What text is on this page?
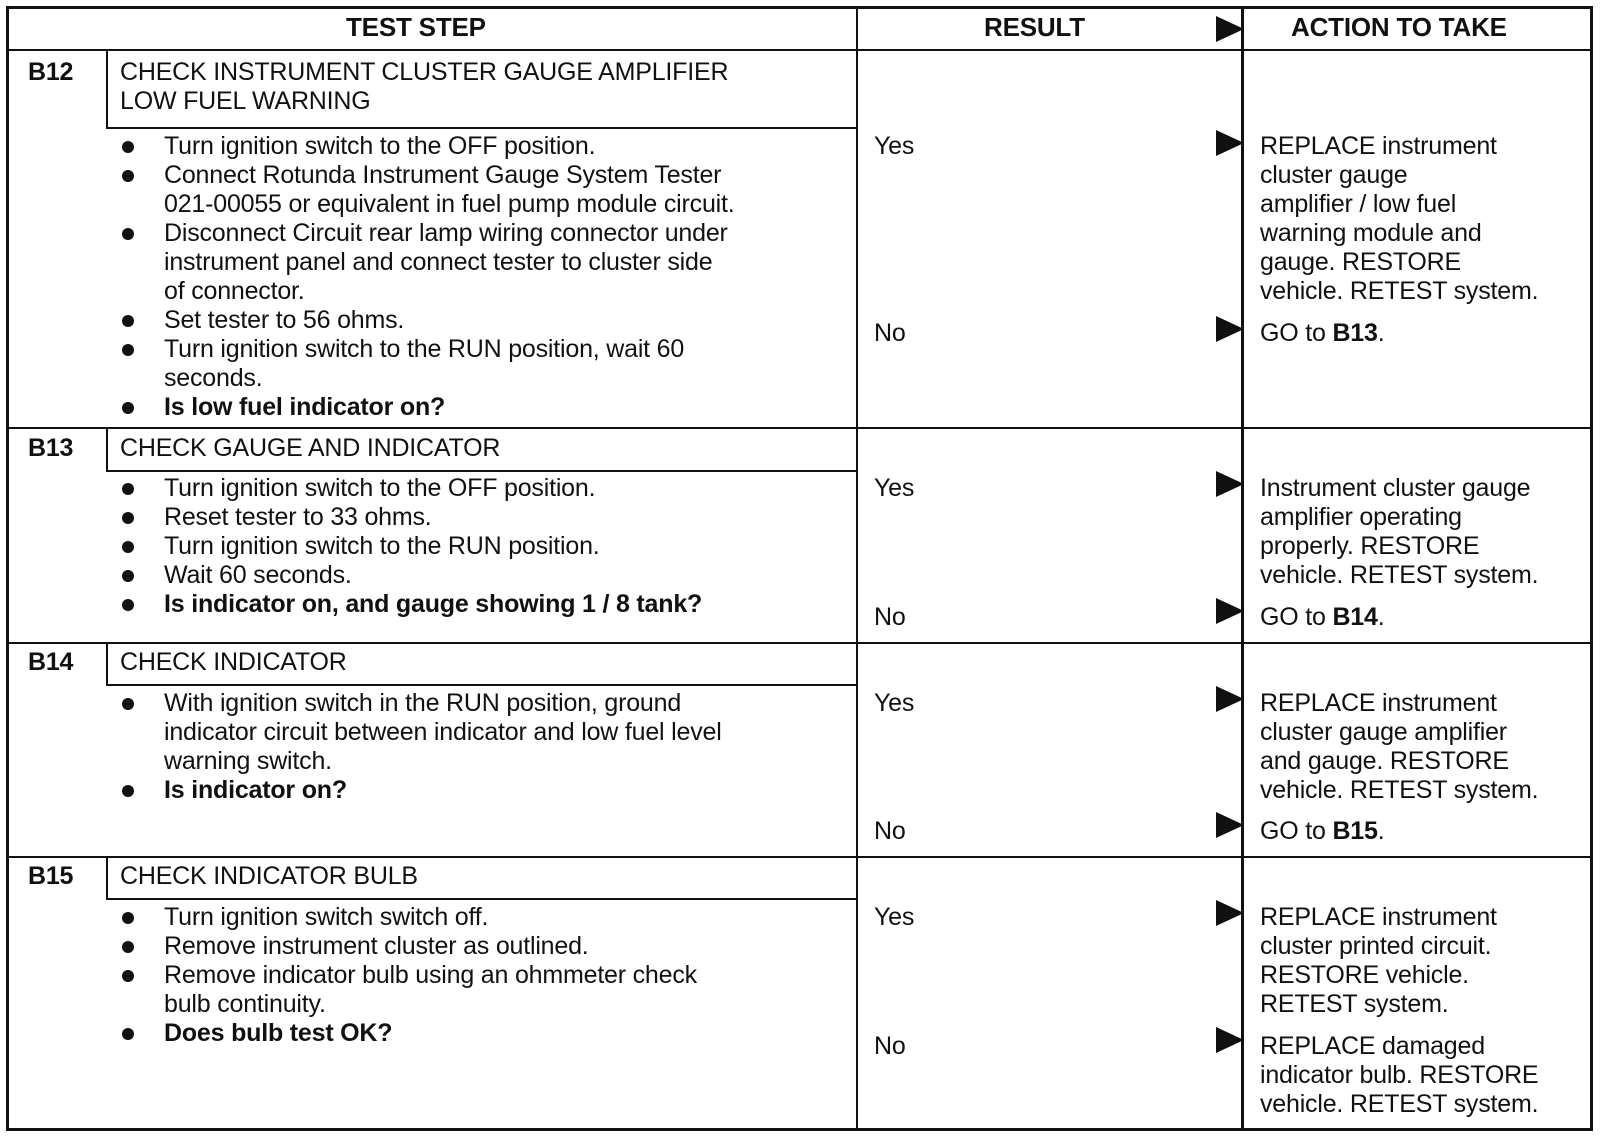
TEST STEP	RESULT	ACTION TO TAKE
B12 CHECK INSTRUMENT CLUSTER GAUGE AMPLIFIER
LOW FUEL WARNING
Turn ignition switch to the OFF position.
Connect Rotunda Instrument Gauge System Tester
021-00055 or equivalent in fuel pump module circuit.
Disconnect Circuit rear lamp wiring connector under
instrument panel and connect tester to cluster side
of connector.
Set tester to 56 ohms.
Turn ignition switch to the RUN position, wait 60
seconds.
Is low fuel indicator on?
Yes	REPLACE instrument
cluster gauge
amplifier / low fuel
warning module and
gauge. RESTORE
vehicle. RETEST system.
No	GO to B13.
B13 CHECK GAUGE AND INDICATOR
Turn ignition switch to the OFF position.
Reset tester to 33 ohms.
Turn ignition switch to the RUN position.
Wait 60 seconds.
Is indicator on, and gauge showing 1 / 8 tank?
Yes	Instrument cluster gauge
amplifier operating
properly. RESTORE
vehicle. RETEST system.
No	GO to B14.
B14 CHECK INDICATOR
With ignition switch in the RUN position, ground
indicator circuit between indicator and low fuel level
warning switch.
Is indicator on?
Yes	REPLACE instrument
cluster gauge amplifier
and gauge. RESTORE
vehicle. RETEST system.
No	GO to B15.
B15 CHECK INDICATOR BULB
Turn ignition switch switch off.
Remove instrument cluster as outlined.
Remove indicator bulb using an ohmmeter check
bulb continuity.
Does bulb test OK?
Yes	REPLACE instrument
cluster printed circuit.
RESTORE vehicle.
RETEST system.
No	REPLACE damaged
indicator bulb. RESTORE
vehicle. RETEST system.
